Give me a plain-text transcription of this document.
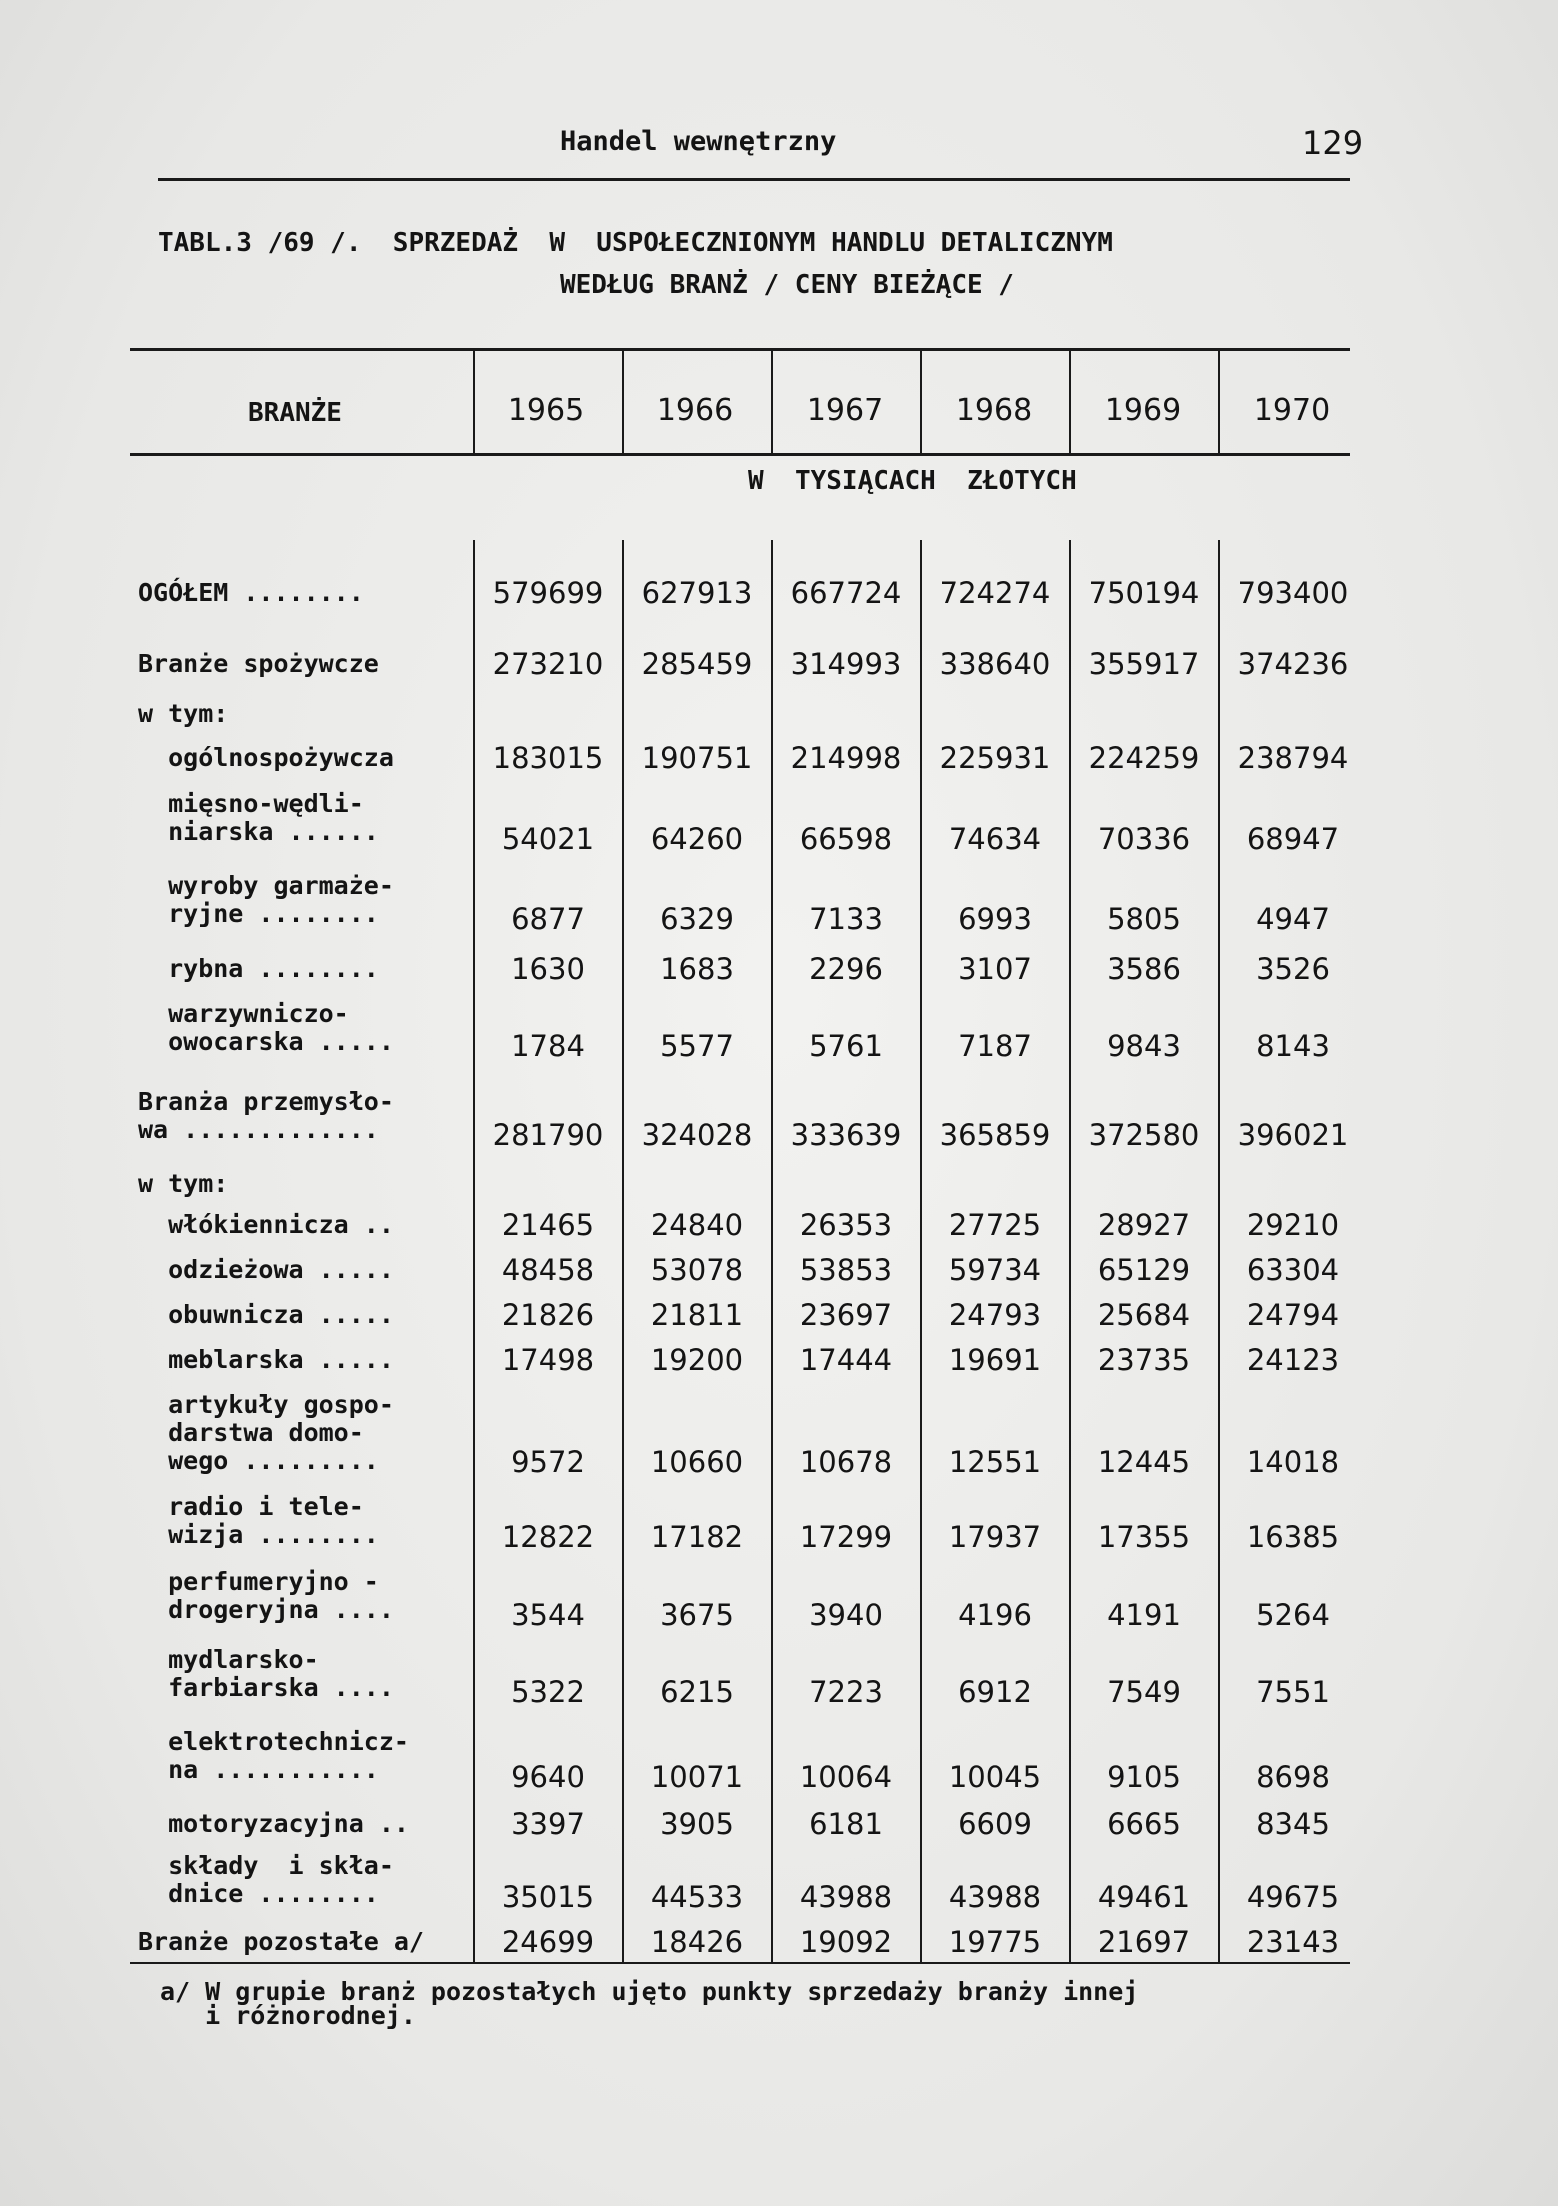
Handel wewnętrzny	129
TABL.3 /69 /.  SPRZEDAŻ  W  USPOŁECZNIONYM HANDLU DETALICZNYM
WEDŁUG BRANŻ / CENY BIEŻĄCE /
BRANŻE	1965	1966	1967	1968	1969	1970
W  TYSIĄCACH  ZŁOTYCH
OGÓŁEM ........	579699	627913	667724	724274	750194	793400
Branże spożywcze	273210	285459	314993	338640	355917	374236
w tym:
ogólnospożywcza	183015	190751	214998	225931	224259	238794
mięsno-wędli-
niarska ......	54021	64260	66598	74634	70336	68947
wyroby garmaże-
ryjne ........	6877	6329	7133	6993	5805	4947
rybna ........	1630	1683	2296	3107	3586	3526
warzywniczo-
owocarska .....	1784	5577	5761	7187	9843	8143
Branża przemysło-
wa .............	281790	324028	333639	365859	372580	396021
w tym:
włókiennicza ..	21465	24840	26353	27725	28927	29210
odzieżowa .....	48458	53078	53853	59734	65129	63304
obuwnicza .....	21826	21811	23697	24793	25684	24794
meblarska .....	17498	19200	17444	19691	23735	24123
artykuły gospo-
darstwa domo-
wego .........	9572	10660	10678	12551	12445	14018
radio i tele-
wizja ........	12822	17182	17299	17937	17355	16385
perfumeryjno -
drogeryjna ....	3544	3675	3940	4196	4191	5264
mydlarsko-
farbiarska ....	5322	6215	7223	6912	7549	7551
elektrotechnicz-
na ...........	9640	10071	10064	10045	9105	8698
motoryzacyjna ..	3397	3905	6181	6609	6665	8345
składy  i skła-
dnice ........	35015	44533	43988	43988	49461	49675
Branże pozostałe a/	24699	18426	19092	19775	21697	23143
a/ W grupie branż pozostałych ujęto punkty sprzedaży branży innej
i różnorodnej.
